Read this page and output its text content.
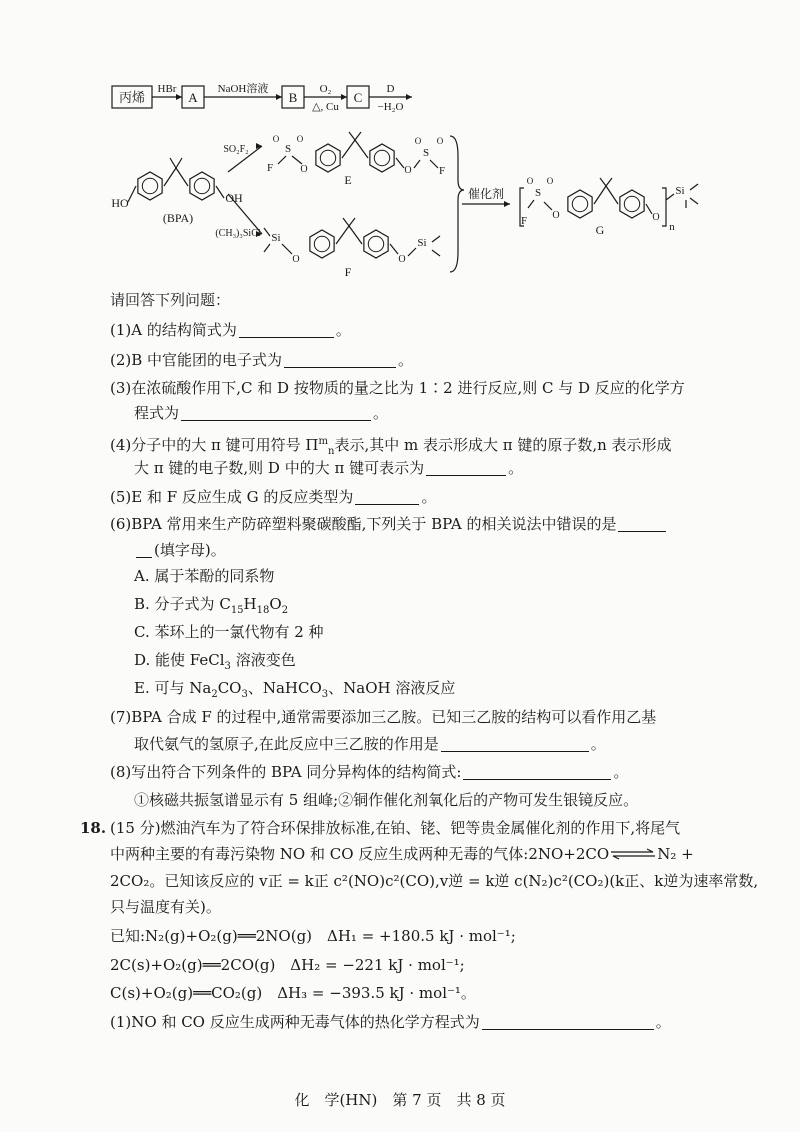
丙烯	A	B	C
HBr	NaOH溶液	O₂
△, Cu
D
−H₂O
HO	OH
(BPA)
SO₂F₂
(CH₃)₃SiCl
F
S
O O
O	O
S
O O
F
E
Si
O	O
Si
F
催化剂
F
S
O O
O	O
n
Si
G
请回答下列问题：
(1)A 的结构简式为	。
(2)B 中官能团的电子式为	。
(3)在浓硫酸作用下,C 和 D 按物质的量之比为 1∶2 进行反应,则 C 与 D 反应的化学方
程式为	。
(4)分子中的大 π 键可用符号 $\Pi^m_n$表示,其中 m 表示形成大 π 键的原子数,n 表示形成
大 π 键的电子数,则 D 中的大 π 键可表示为	。
(5)E 和 F 反应生成 G 的反应类型为	。
(6)BPA 常用来生产防碎塑料聚碳酸酯,下列关于 BPA 的相关说法中错误的是
(填字母)。
A. 属于苯酚的同系物
B. 分子式为 $C_{15}H_{18}O_2$
C. 苯环上的一氯代物有 2 种
D. 能使 FeCl$_3$ 溶液变色
E. 可与 $Na_2CO_3$、NaHCO$_3$、NaOH 溶液反应
(7)BPA 合成 F 的过程中,通常需要添加三乙胺。已知三乙胺的结构可以看作用乙基
取代氨气的氢原子,在此反应中三乙胺的作用是	。
(8)写出符合下列条件的 BPA 同分异构体的结构简式:	。
①核磁共振氢谱显示有 5 组峰;②铜作催化剂氧化后的产物可发生银镜反应。
18. (15 分)燃油汽车为了符合环保排放标准,在铂、铑、钯等贵金属催化剂的作用下,将尾气
中两种主要的有毒污染物 NO 和 CO 反应生成两种无毒的气体:2NO+2CO⇌N₂ +
2CO₂。已知该反应的 v正 = k正 c²(NO)c²(CO),v逆 = k逆 c(N₂)c²(CO₂)(k正、k逆为速率常数,
只与温度有关)。
已知:N₂(g)+O₂(g)══2NO(g)　ΔH₁ = +180.5 kJ · mol⁻¹;
2C(s)+O₂(g)══2CO(g)　ΔH₂ = −221 kJ · mol⁻¹;
C(s)+O₂(g)══CO₂(g)　ΔH₃ = −393.5 kJ · mol⁻¹。
(1)NO 和 CO 反应生成两种无毒气体的热化学方程式为	。
化　学(HN)　第 7 页　共 8 页
